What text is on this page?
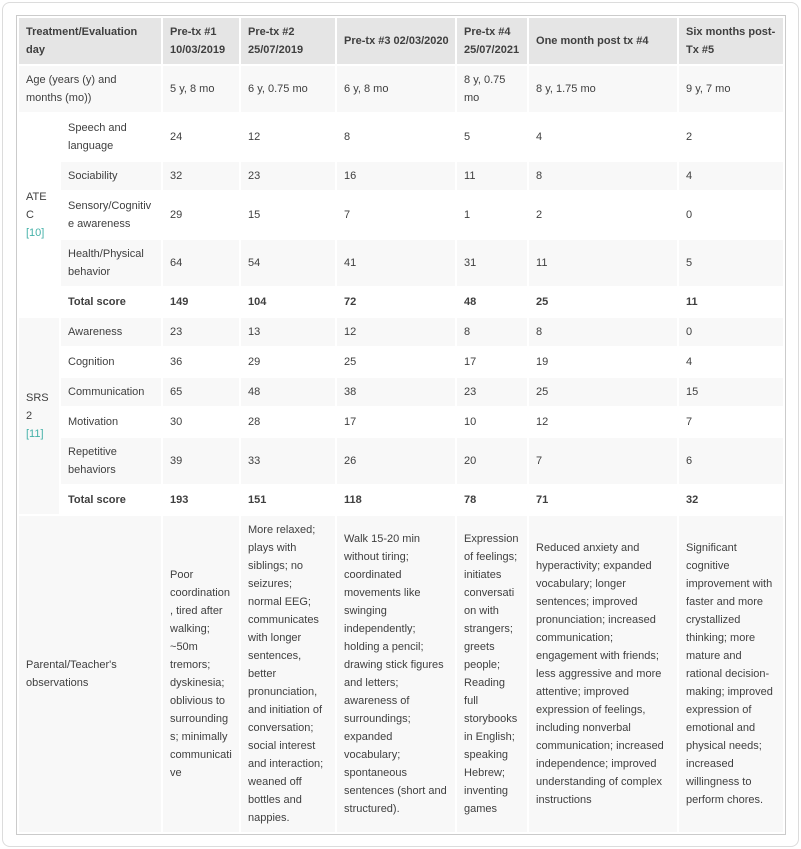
Treatment/Evaluation day		Pre-tx #1 10/03/2019	Pre-tx #2 25/07/2019	Pre-tx #3 02/03/2020	Pre-tx #4 25/07/2021	One month post tx #4	Six months post-Tx #5
Age (years (y) and months (mo))		5 y, 8 mo	6 y, 0.75 mo	6 y, 8 mo	8 y, 0.75 mo	8 y, 1.75 mo	9 y, 7 mo
ATEC [10]	Speech and language	24	12	8	5	4	2
	Sociability	32	23	16	11	8	4
	Sensory/Cognitive awareness	29	15	7	1	2	0
	Health/Physical behavior	64	54	41	31	11	5
	Total score	149	104	72	48	25	11
SRS2 [11]	Awareness	23	13	12	8	8	0
	Cognition	36	29	25	17	19	4
	Communication	65	48	38	23	25	15
	Motivation	30	28	17	10	12	7
	Repetitive behaviors	39	33	26	20	7	6
	Total score	193	151	118	78	71	32
Parental/Teacher's observations	Poor coordination, tired after walking; ~50m tremors; dyskinesia; oblivious to surroundings; minimally communicative	More relaxed; plays with siblings; no seizures; normal EEG; communicates with longer sentences, better pronunciation, and initiation of conversation; social interest and interaction; weaned off bottles and nappies.	Walk 15-20 min without tiring; coordinated movements like swinging independently; holding a pencil; drawing stick figures and letters; awareness of surroundings; expanded vocabulary; spontaneous sentences (short and structured).	Expression of feelings; initiates conversation with strangers; greets people; Reading full storybooks in English; speaking Hebrew; inventing games	Reduced anxiety and hyperactivity; expanded vocabulary; longer sentences; improved pronunciation; increased communication; engagement with friends; less aggressive and more attentive; improved expression of feelings, including nonverbal communication; increased independence; improved understanding of complex instructions	Significant cognitive improvement with faster and more crystallized thinking; more mature and rational decision-making; improved expression of emotional and physical needs; increased willingness to perform chores.
